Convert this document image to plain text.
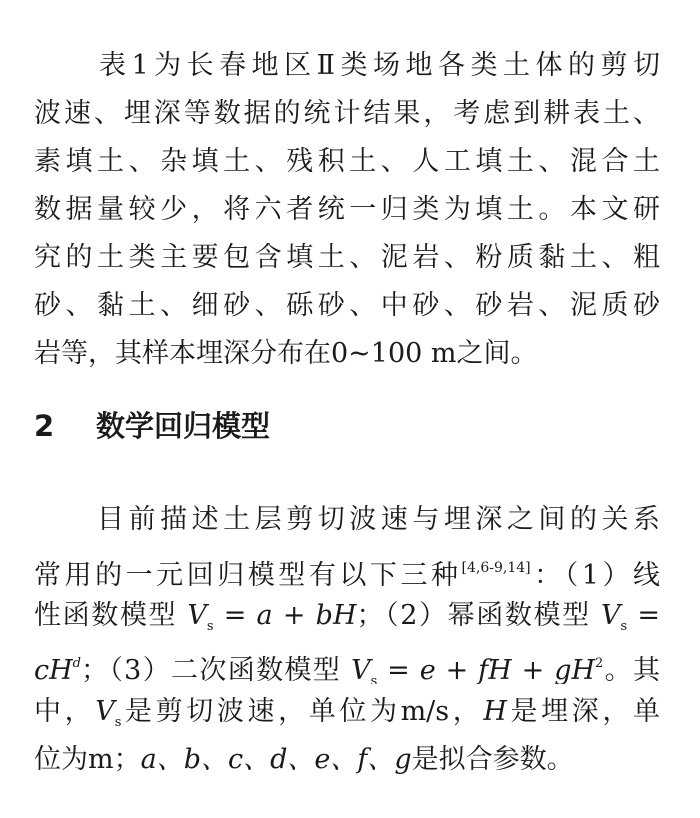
　　表1为长春地区Ⅱ类场地各类土体的剪切
波速、埋深等数据的统计结果，考虑到耕表土、
素填土、杂填土、残积土、人工填土、混合土
数据量较少，将六者统一归类为填土。本文研
究的土类主要包含填土、泥岩、粉质黏土、粗
砂、黏土、细砂、砾砂、中砂、砂岩、泥质砂
岩等，其样本埋深分布在0~100 m之间。
2 数学回归模型
　　目前描述土层剪切波速与埋深之间的关系
常用的一元回归模型有以下三种[4,6-9,14]：（1）线
性函数模型 $V_s = a$ + bH；（2）幂函数模型 $V_s$ =
$cH^d$；（3）二次函数模型 $V_s = e$ + fH + $gH^2$。其
中，$V_s$是剪切波速，单位为m/s，H是埋深，单
位为m；a、b、c、d、e、f、g是拟合参数。
